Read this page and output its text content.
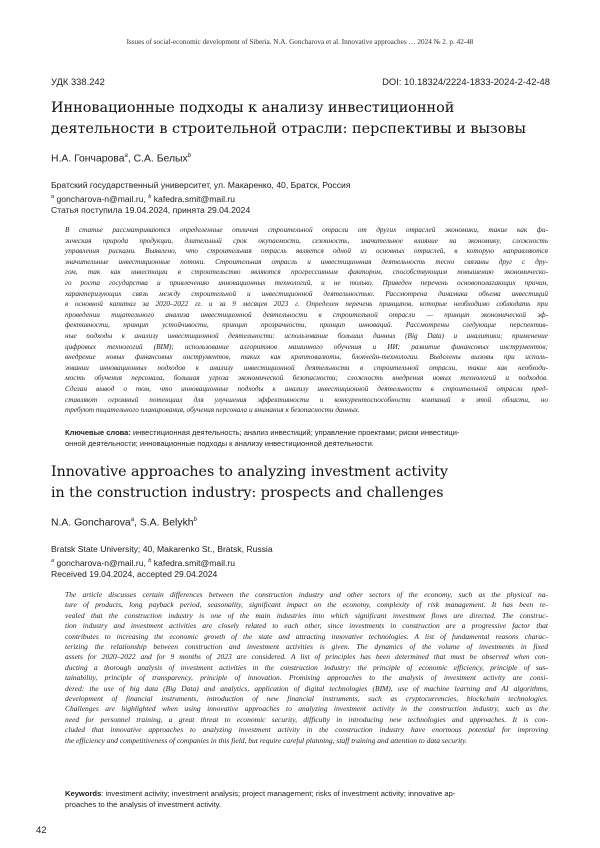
Issues of social-economic development of Siberia. N.A. Goncharova et al. Innovative approaches … 2024 № 2. p. 42-48
УДК 338.242	DOI: 10.18324/2224-1833-2024-2-42-48
Инновационные подходы к анализу инвестиционной
деятельности в строительной отрасли: перспективы и вызовы
Н.А. Гончарова$^a$, С.А. Белых$^b$
Братский государственный университет, ул. Макаренко, 40, Братск, Россия
$^a$ goncharova-n@mail.ru, $^b$ kafedra.smit@mail.ru
Статья поступила 19.04.2024, принята 29.04.2024
В статье рассматриваются определенные отличия строительной отрасли от других отраслей экономики, такие как фи-
зическая природа продукции, длительный срок окупаемости, сезонность, значительное влияние на экономику, сложность
управления рисками. Выявлено, что строительная отрасль является одной из основных отраслей, в которую направляются
значительные инвестиционные потоки. Строительная отрасль и инвестиционная деятельность тесно связаны друг с дру-
гом, так как инвестиции в строительство являются прогрессивным фактором, способствующим повышению экономическо-
го роста государства и привлечению инновационных технологий, и не только. Приведен перечень основополагающих причин,
характеризующих связь между строительной и инвестиционной деятельностью. Рассмотрена динамика объема инвестиций
в основной капитал за 2020–2022 гг. и за 9 месяцев 2023 г. Определен перечень принципов, которые необходимо соблюдать при
проведении тщательного анализа инвестиционной деятельности в строительной отрасли — принцип экономической эф-
фективности, принцип устойчивости, принцип прозрачности, принцип инноваций. Рассмотрены следующие перспектив-
ные подходы к анализу инвестиционной деятельности: использование больших данных (Big Data) и аналитики; применение
цифровых технологий (BIM); использование алгоритмов машинного обучения и ИИ; развитие финансовых инструментов;
внедрение новых финансовых инструментов, таких как криптовалюты, блокчейн-технологии. Выделены вызовы при исполь-
зовании инновационных подходов к анализу инвестиционной деятельности в строительной отрасли, такие как необходи-
мость обучения персонала, большая угроза экономической безопасности; сложность внедрения новых технологий и подходов.
Сделан вывод о том, что инновационные подходы к анализу инвестиционной деятельности в строительной отрасли пред-
ставляют огромный потенциал для улучшения эффективности и конкурентоспособности компаний в этой области, но
требуют тщательного планирования, обучения персонала и внимания к безопасности данных.
Ключевые слова: инвестиционная деятельность; анализ инвестиций; управление проектами; риски инвестици-
онной деятельности; инновационные подходы к анализу инвестиционной деятельности.
Innovative approaches to analyzing investment activity
in the construction industry: prospects and challenges
N.A. Goncharova$^a$, S.A. Belykh$^b$
Bratsk State University; 40, Makarenko St., Bratsk, Russia
$^a$ goncharova-n@mail.ru, $^b$ kafedra.smit@mail.ru
Received 19.04.2024, accepted 29.04.2024
The article discusses certain differences between the construction industry and other sectors of the economy, such as the physical na-
ture of products, long payback period, seasonality, significant impact on the economy, complexity of risk management. It has been re-
vealed that the construction industry is one of the main industries into which significant investment flows are directed. The construc-
tion industry and investment activities are closely related to each other, since investments in construction are a progressive factor that
contributes to increasing the economic growth of the state and attracting innovative technologies. A list of fundamental reasons charac-
terizing the relationship between construction and investment activities is given. The dynamics of the volume of investments in fixed
assets for 2020–2022 and for 9 months of 2023 are considered. A list of principles has been determined that must be observed when con-
ducting a thorough analysis of investment activities in the construction industry: the principle of economic efficiency, principle of sus-
tainability, principle of transparency, principle of innovation. Promising approaches to the analysis of investment activity are consi-
dered: the use of big data (Big Data) and analytics, application of digital technologies (BIM), use of machine learning and AI algorithms,
development of financial instruments, introduction of new financial instruments, such as cryptocurrencies, blockchain technologies.
Challenges are highlighted when using innovative approaches to analyzing investment activity in the construction industry, such as the
need for personnel training, a great threat to economic security, difficulty in introducing new technologies and approaches. It is con-
cluded that innovative approaches to analyzing investment activity in the construction industry have enormous potential for improving
the efficiency and competitiveness of companies in this field, but require careful planning, staff training and attention to data security.
Keywords: investment activity; investment analysis; project management; risks of investment activity; innovative ap-
proaches to the analysis of investment activity.
42
